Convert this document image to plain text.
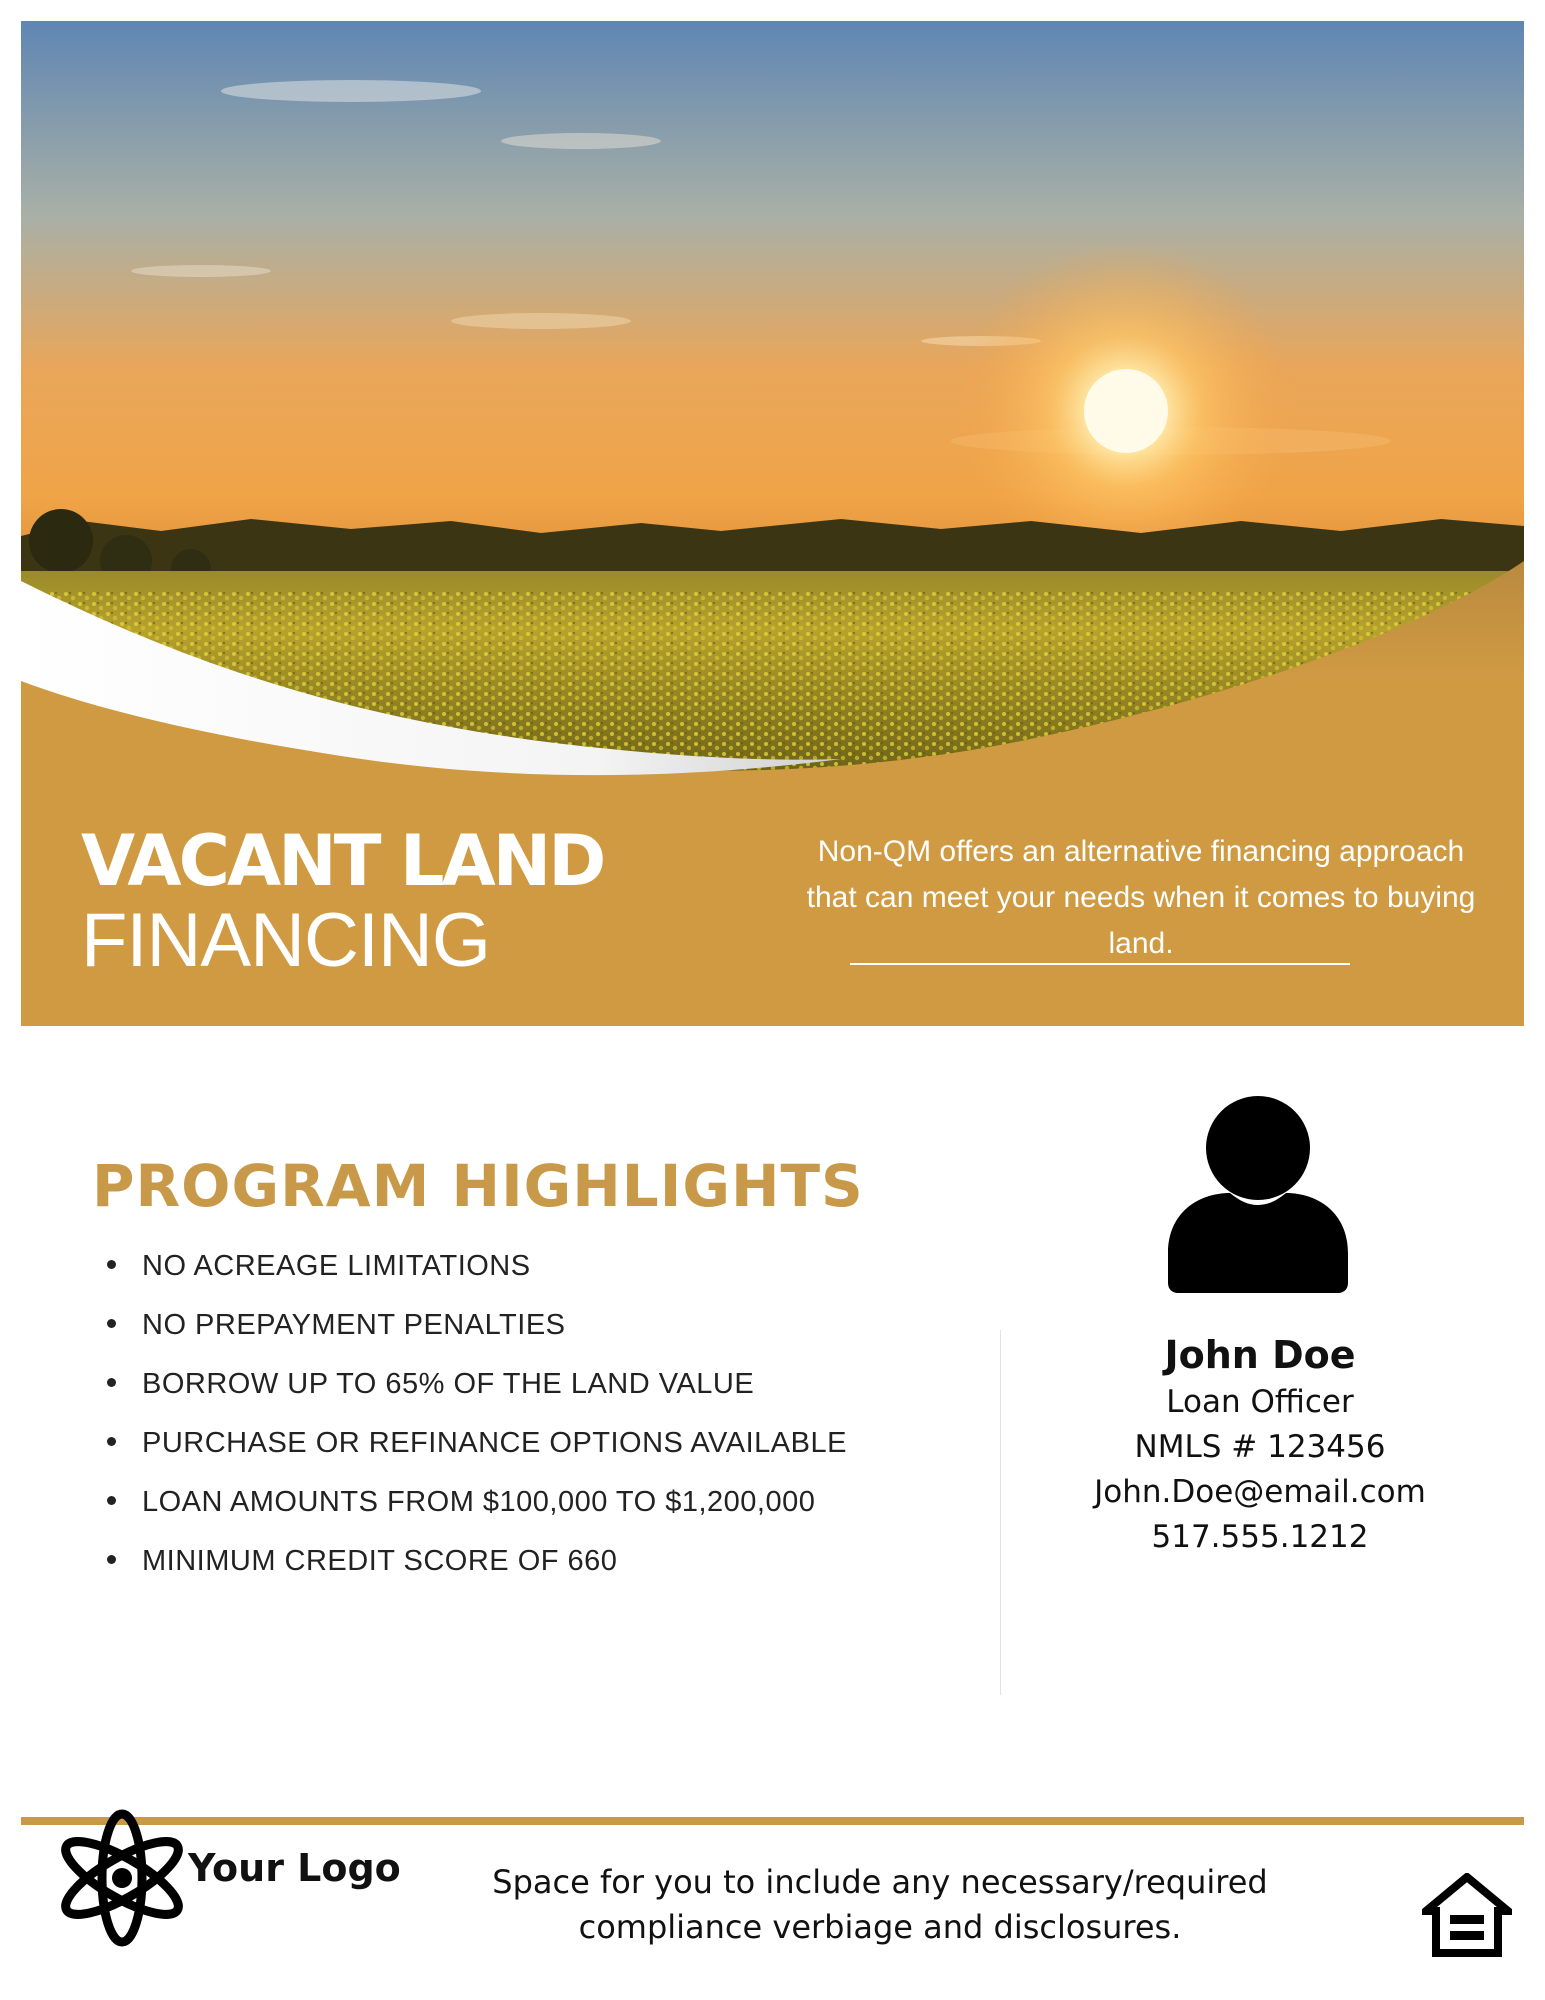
VACANT LAND
FINANCING
Non-QM offers an alternative financing approach that can meet your needs when it comes to buying land.
PROGRAM HIGHLIGHTS
NO ACREAGE LIMITATIONS
NO PREPAYMENT PENALTIES
BORROW UP TO 65% OF THE LAND VALUE
PURCHASE OR REFINANCE OPTIONS AVAILABLE
LOAN AMOUNTS FROM $100,000 TO $1,200,000
MINIMUM CREDIT SCORE OF 660
John Doe
Loan Officer
NMLS # 123456
John.Doe@email.com
517.555.1212
Your Logo	Space for you to include any necessary/required compliance verbiage and disclosures.
